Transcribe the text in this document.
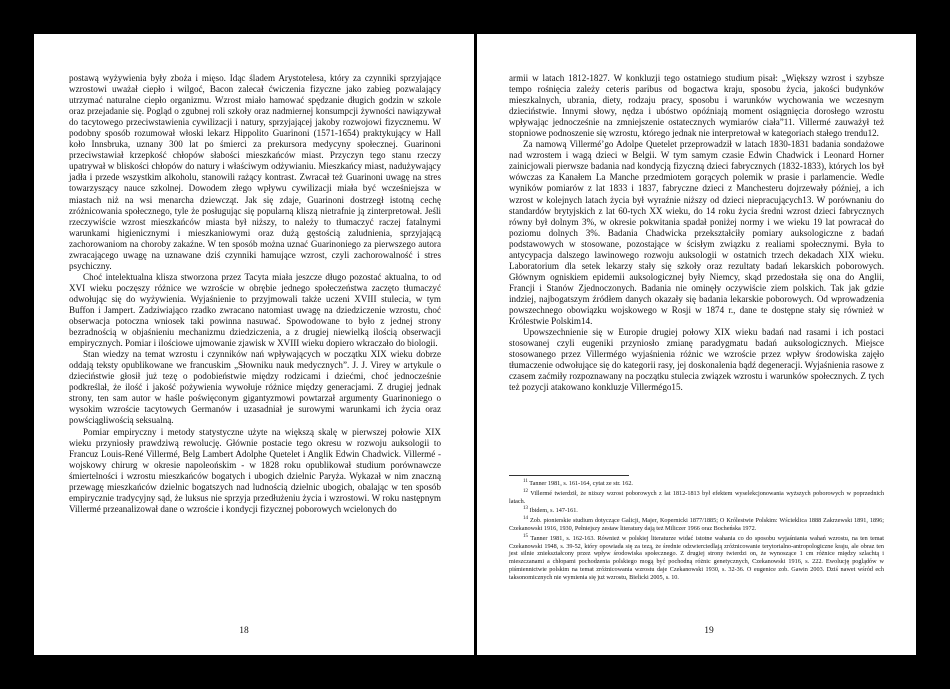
postawą wyżywienia były zboża i mięso. Idąc śladem Arystotelesa, który za czynniki sprzyjające wzrostowi uważał ciepło i wilgoć, Bacon zalecał ćwiczenia fizyczne jako zabieg pozwalający utrzymać naturalne ciepło organizmu. Wzrost miało hamować spędzanie długich godzin w szkole oraz przejadanie się. Pogląd o zgubnej roli szkoły oraz nadmiernej konsumpcji żywności nawiązywał do tacytowego przeciwstawienia cywilizacji i natury, sprzyjającej jakoby rozwojowi fizycznemu. W podobny sposób rozumował włoski lekarz Hippolito Guarinoni (1571-1654) praktykujący w Hall koło Innsbruka, uznany 300 lat po śmierci za prekursora medycyny społecznej. Guarinoni przeciwstawiał krzepkość chłopów słabości mieszkańców miast. Przyczyn tego stanu rzeczy upatrywał w bliskości chłopów do natury i właściwym odżywianiu. Mieszkańcy miast, nadużywający jadła i przede wszystkim alkoholu, stanowili rażący kontrast. Zwracał też Guarinoni uwagę na stres towarzyszący nauce szkolnej. Dowodem złego wpływu cywilizacji miała być wcześniejsza w miastach niż na wsi menarcha dziewcząt. Jak się zdaje, Guarinoni dostrzegł istotną cechę zróżnicowania społecznego, tyle że posługując się popularną kliszą nietrafnie ją zinterpretował. Jeśli rzeczywiście wzrost mieszkańców miasta był niższy, to należy to tłumaczyć raczej fatalnymi warunkami higienicznymi i mieszkaniowymi oraz dużą gęstością zaludnienia, sprzyjającą zachorowaniom na choroby zakaźne. W ten sposób można uznać Guarinoniego za pierwszego autora zwracającego uwagę na uznawane dziś czynniki hamujące wzrost, czyli zachorowalność i stres psychiczny.

Choć intelektualna klisza stworzona przez Tacyta miała jeszcze długo pozostać aktualna, to od XVI wieku poczęszy różnice we wzroście w obrębie jednego społeczeństwa zaczęto tłumaczyć odwołując się do wyżywienia. Wyjaśnienie to przyjmowali także uczeni XVIII stulecia, w tym Buffon i Jampert. Zadziwiająco rzadko zwracano natomiast uwagę na dziedziczenie wzrostu, choć obserwacja potoczna wniosek taki powinna nasuwać. Spowodowane to było z jednej strony bezradnością w objaśnieniu mechanizmu dziedziczenia, a z drugiej niewielką ilością obserwacji empirycznych. Pomiar i ilościowe ujmowanie zjawisk w XVIII wieku dopiero wkraczało do biologii.

Stan wiedzy na temat wzrostu i czynników nań wpływających w początku XIX wieku dobrze oddają teksty opublikowane we francuskim „Słowniku nauk medycznych”. J. J. Virey w artykule o dzieciństwie głosił już tezę o podobieństwie między rodzicami i dziećmi, choć jednocześnie podkreślał, że ilość i jakość pożywienia wywołuje różnice między generacjami. Z drugiej jednak strony, ten sam autor w haśle poświęconym gigantyzmowi powtarzał argumenty Guarinoniego o wysokim wzroście tacytowych Germanów i uzasadniał je surowymi warunkami ich życia oraz powściągliwością seksualną.

Pomiar empiryczny i metody statystyczne użyte na większą skalę w pierwszej połowie XIX wieku przyniosły prawdziwą rewolucję. Głównie postacie tego okresu w rozwoju auksologii to Francuz Louis-René Villermé, Belg Lambert Adolphe Quetelet i Anglik Edwin Chadwick. Villermé - wojskowy chirurg w okresie napoleońskim - w 1828 roku opublikował studium porównawcze śmiertelności i wzrostu mieszkańców bogatych i ubogich dzielnic Paryża. Wykazał w nim znaczną przewagę mieszkańców dzielnic bogatszych nad ludnością dzielnic ubogich, obalając w ten sposób empirycznie tradycyjny sąd, że luksus nie sprzyja przedłużeniu życia i wzrostowi. W roku następnym Villermé przeanalizował dane o wzroście i kondycji fizycznej poborowych wcielonych do

18

armii w latach 1812-1827. W konkluzji tego ostatniego studium pisał: „Większy wzrost i szybsze tempo rośnięcia zależy ceteris paribus od bogactwa kraju, sposobu życia, jakości budynków mieszkalnych, ubrania, diety, rodzaju pracy, sposobu i warunków wychowania we wczesnym dzieciństwie. Innymi słowy, nędza i ubóstwo opóźniają moment osiągnięcia dorosłego wzrostu wpływając jednocześnie na zmniejszenie ostatecznych wymiarów ciała”11. Villermé zauważył też stopniowe podnoszenie się wzrostu, którego jednak nie interpretował w kategoriach stałego trendu12.

Za namową Villermé’go Adolpe Quetelet przeprowadził w latach 1830-1831 badania sondażowe nad wzrostem i wagą dzieci w Belgii. W tym samym czasie Edwin Chadwick i Leonard Horner zainicjowali pierwsze badania nad kondycją fizyczną dzieci fabrycznych (1832-1833), których los był wówczas za Kanałem La Manche przedmiotem gorących polemik w prasie i parlamencie. Wedle wyników pomiarów z lat 1833 i 1837, fabryczne dzieci z Manchesteru dojrzewały później, a ich wzrost w kolejnych latach życia był wyraźnie niższy od dzieci niepracujących13. W porównaniu do standardów brytyjskich z lat 60-tych XX wieku, do 14 roku życia średni wzrost dzieci fabrycznych równy był dolnym 3%, w okresie pokwitania spadał poniżej normy i we wieku 19 lat powracał do poziomu dolnych 3%. Badania Chadwicka przekształciły pomiary auksologiczne z badań podstawowych w stosowane, pozostające w ścisłym związku z realiami społecznymi. Była to antycypacja dalszego lawinowego rozwoju auksologii w ostatnich trzech dekadach XIX wieku. Laboratorium dla setek lekarzy stały się szkoły oraz rezultaty badań lekarskich poborowych. Głównym ogniskiem epidemii auksologicznej były Niemcy, skąd przedostała się ona do Anglii, Francji i Stanów Zjednoczonych. Badania nie ominęły oczywiście ziem polskich. Tak jak gdzie indziej, najbogatszym źródłem danych okazały się badania lekarskie poborowych. Od wprowadzenia powszechnego obowiązku wojskowego w Rosji w 1874 r., dane te dostępne stały się również w Królestwie Polskim14.

Upowszechnienie się w Europie drugiej połowy XIX wieku badań nad rasami i ich postaci stosowanej czyli eugeniki przyniosło zmianę paradygmatu badań auksologicznych. Miejsce stosowanego przez Villermégo wyjaśnienia różnic we wzroście przez wpływ środowiska zajęło tłumaczenie odwołujące się do kategorii rasy, jej doskonalenia bądź degeneracji. Wyjaśnienia rasowe z czasem zaćmiły rozpoznawany na początku stulecia związek wzrostu i warunków społecznych. Z tych też pozycji atakowano konkluzje Villermégo15.

$^{11}$ Tanner 1981, s. 161-164, cytat ze str. 162.

$^{12}$ Villermé twierdził, że niższy wzrost poborowych z lat 1812-1813 był efektem wyselekcjonowania wyższych poborowych w poprzednich latach.

$^{13}$ Ibidem, s. 147-161.

$^{14}$ Zob. pionierskie studium dotyczące Galicji, Majer, Kopernicki 1877/1885; O Królestwie Polskim: Wścieklica 1888 Zakrzewski 1891, 1896; Czekanowski 1916, 1930, Pełniejszy zestaw literatury dają też Miliczer 1966 oraz Bocheńska 1972.

$^{15}$ Tanner 1981, s. 162-163. Również w polskiej literaturze widać istotne wahania co do sposobu wyjaśniania wahań wzrostu, na ten temat Czekanowski 1948, s. 39-52, który opowiada się za tezą, że średnie odzwierciedlają zróżnicowanie terytorialno-antropologiczne kraju, ale obraz ten jest silnie zniekształcony przez wpływ środowiska społecznego. Z drugiej strony twierdzi on, że wynoszące 1 cm różnice między szlachtą i mieszczanami a chłopami pochodzenia polskiego mogą być pochodną różnic genetycznych, Czekanowski 1916, s. 222. Ewolucję poglądów w piśmiennictwie polskim na temat zróżnicowania wzrostu daje Czekanowski 1930, s. 32-36. O eugenice zob. Gawin 2003. Dziś nawet wśród ech taksonomicznych nie wymienia się już wzrostu, Bielicki 2005, s. 10.

19
